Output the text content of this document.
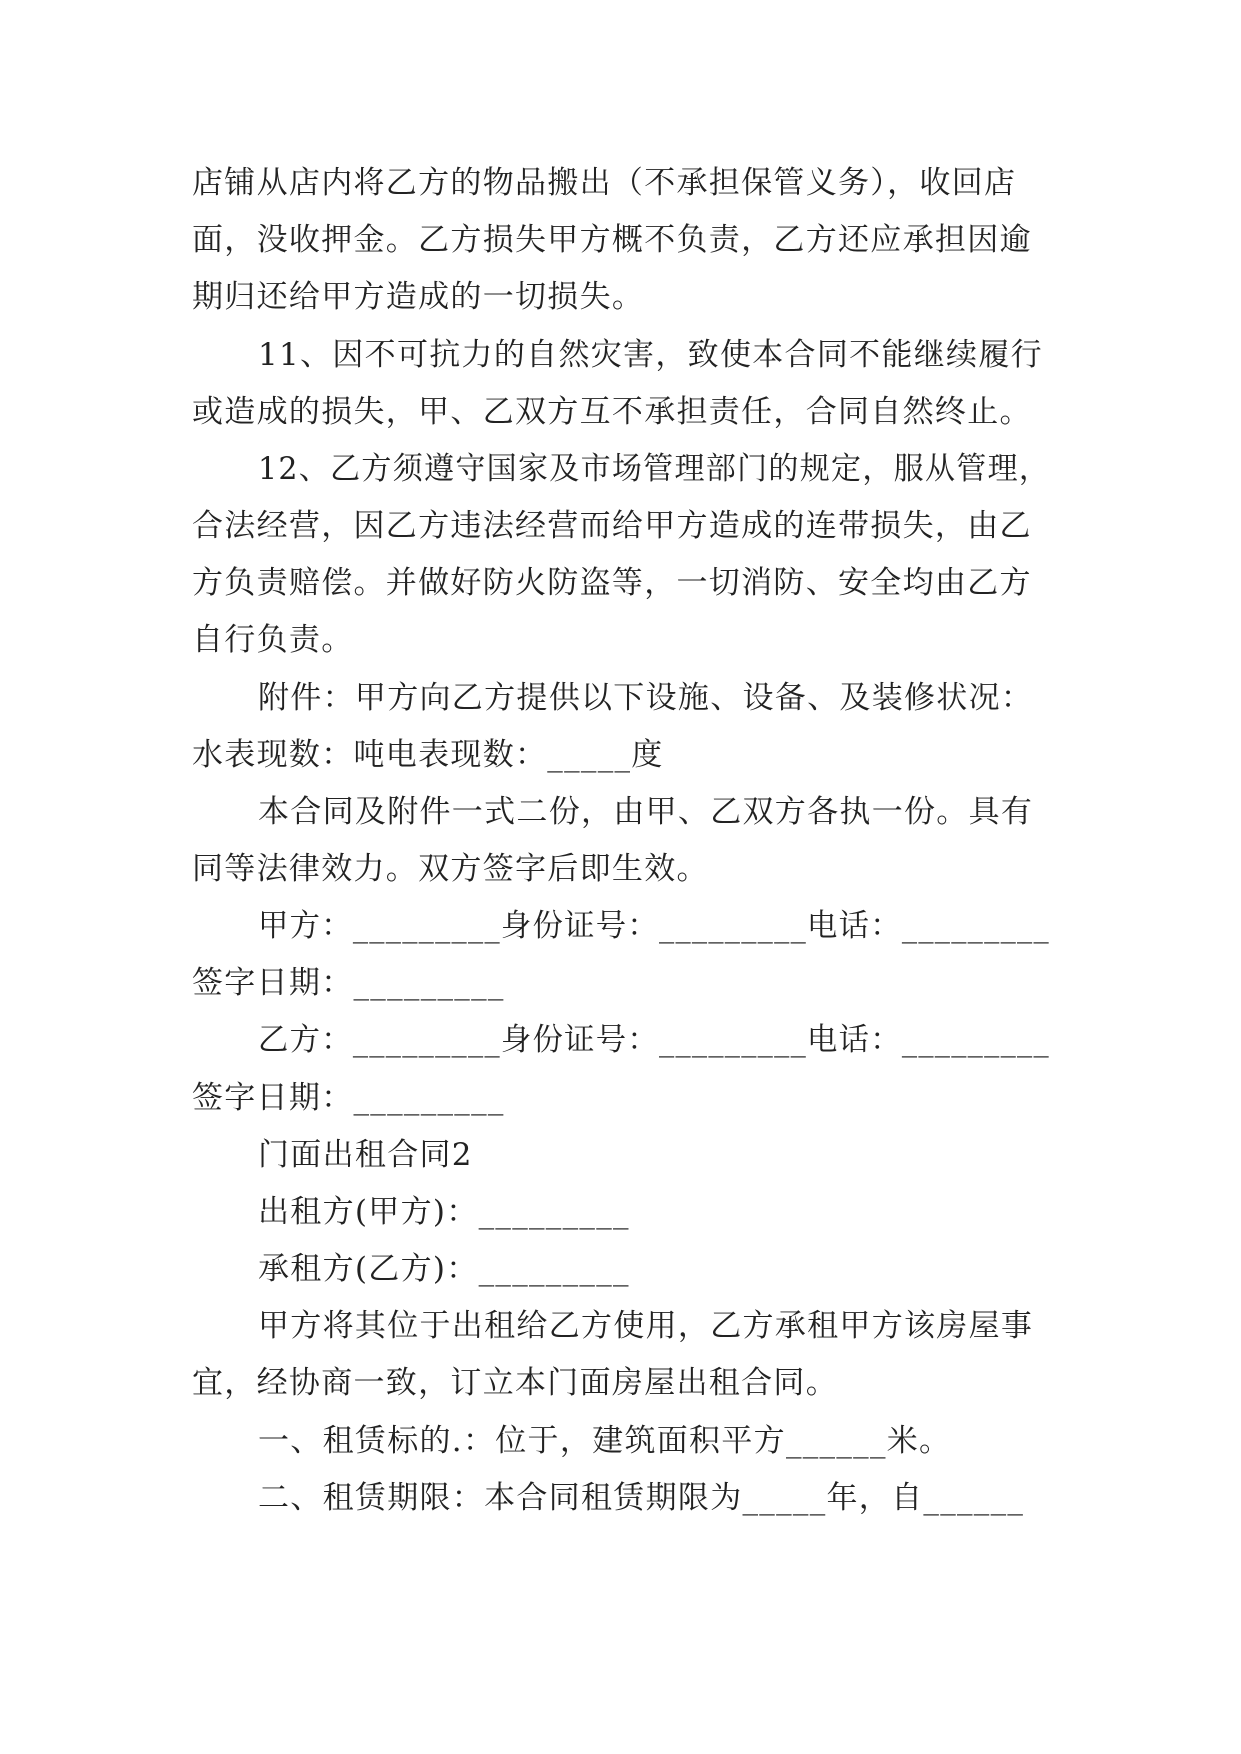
店铺从店内将乙方的物品搬出（不承担保管义务），收回店
面，没收押金。乙方损失甲方概不负责，乙方还应承担因逾
期归还给甲方造成的一切损失。
11、因不可抗力的自然灾害，致使本合同不能继续履行
或造成的损失，甲、乙双方互不承担责任，合同自然终止。
12、乙方须遵守国家及市场管理部门的规定，服从管理，
合法经营，因乙方违法经营而给甲方造成的连带损失，由乙
方负责赔偿。并做好防火防盗等，一切消防、安全均由乙方
自行负责。
附件：甲方向乙方提供以下设施、设备、及装修状况：
水表现数：吨电表现数：_____度
本合同及附件一式二份，由甲、乙双方各执一份。具有
同等法律效力。双方签字后即生效。
甲方：_________身份证号：_________电话：_________
签字日期：_________
乙方：_________身份证号：_________电话：_________
签字日期：_________
门面出租合同2
出租方(甲方)：_________
承租方(乙方)：_________
甲方将其位于出租给乙方使用，乙方承租甲方该房屋事
宜，经协商一致，订立本门面房屋出租合同。
一、租赁标的.：位于，建筑面积平方______米。
二、租赁期限：本合同租赁期限为_____年，自______
